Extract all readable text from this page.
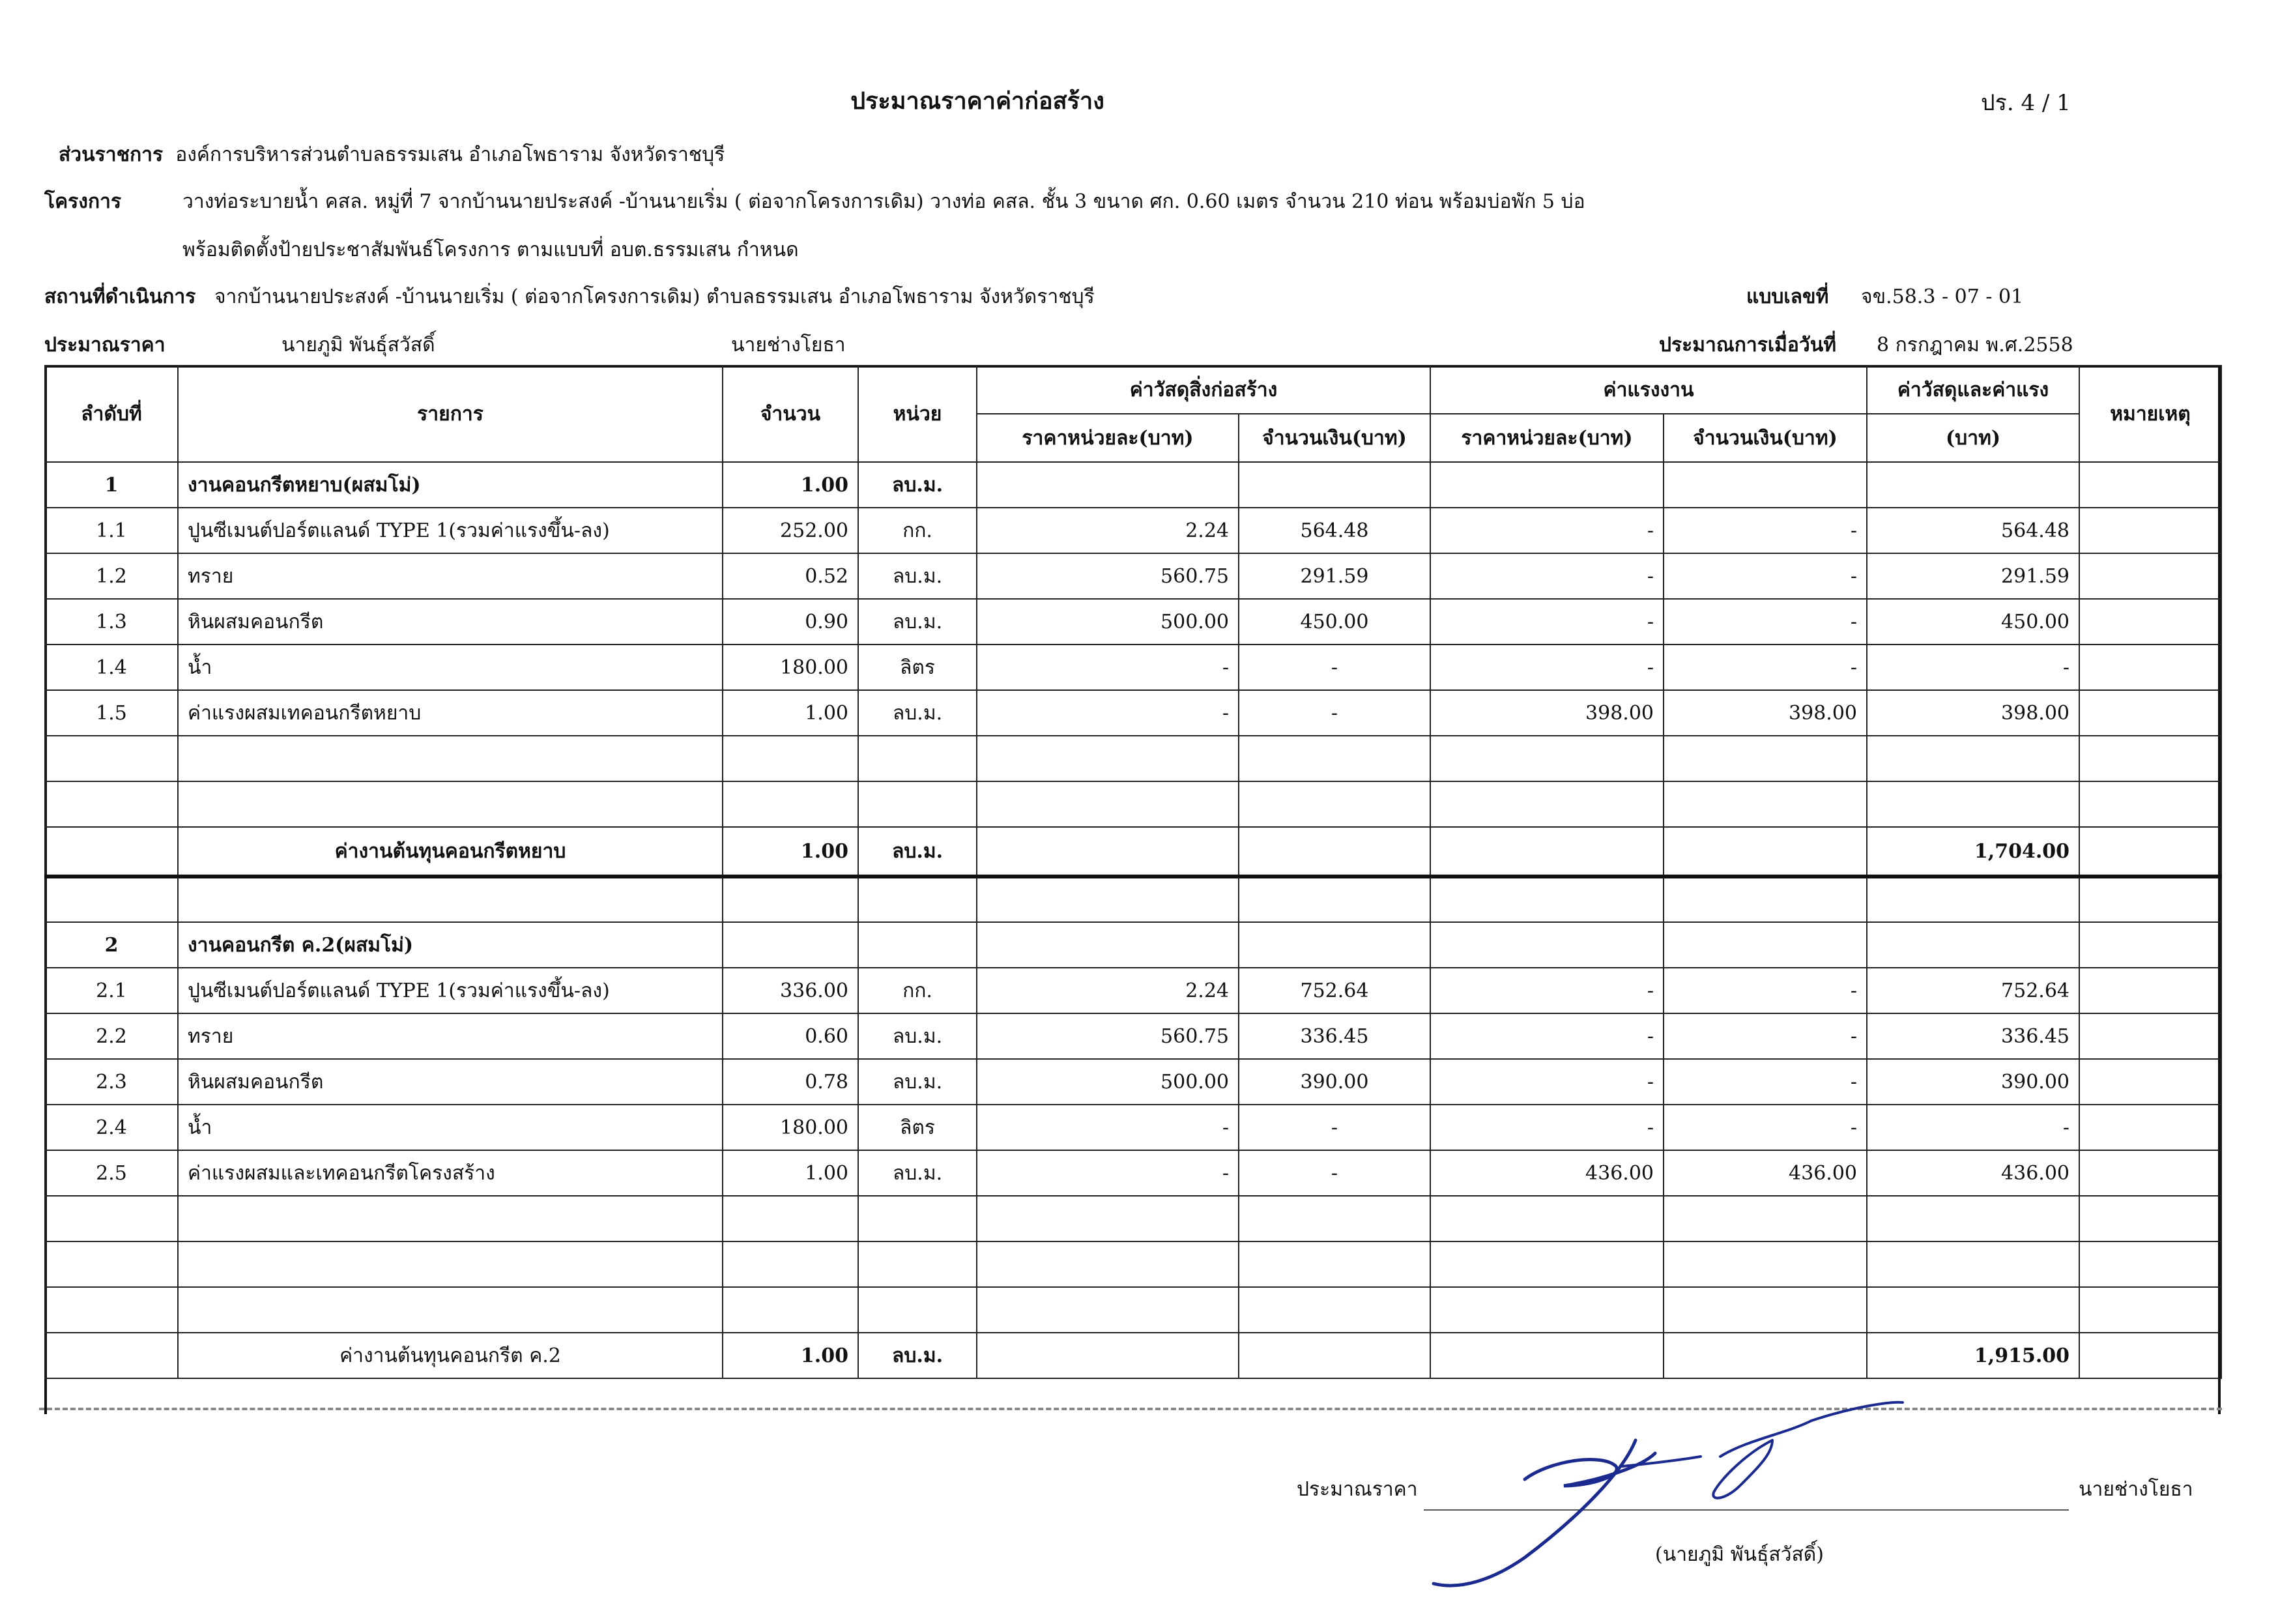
ประมาณราคาค่าก่อสร้าง	ปร. 4 / 1
ส่วนราชการ องค์การบริหารส่วนตำบลธรรมเสน อำเภอโพธาราม จังหวัดราชบุรี
โครงการ	วางท่อระบายน้ำ คสล. หมู่ที่ 7 จากบ้านนายประสงค์ -บ้านนายเริ่ม ( ต่อจากโครงการเดิม) วางท่อ คสล. ชั้น 3 ขนาด ศก. 0.60 เมตร จำนวน 210 ท่อน พร้อมบ่อพัก 5 บ่อ
พร้อมติดตั้งป้ายประชาสัมพันธ์โครงการ ตามแบบที่ อบต.ธรรมเสน กำหนด
สถานที่ดำเนินการ จากบ้านนายประสงค์ -บ้านนายเริ่ม ( ต่อจากโครงการเดิม) ตำบลธรรมเสน อำเภอโพธาราม จังหวัดราชบุรี	แบบเลขที่ จข.58.3 - 07 - 01
ประมาณราคา	นายภูมิ พันธุ์สวัสดิ์	นายช่างโยธา	ประมาณการเมื่อวันที่ 8 กรกฎาคม พ.ศ.2558
ลำดับที่	รายการ	จำนวน	หน่วย	ค่าวัสดุสิ่งก่อสร้าง		ค่าแรงงาน		ค่าวัสดุและค่าแรง	หมายเหตุ
				ราคาหน่วยละ(บาท)	จำนวนเงิน(บาท)	ราคาหน่วยละ(บาท)	จำนวนเงิน(บาท)	(บาท)	
1	งานคอนกรีตหยาบ(ผสมโม่)	1.00	ลบ.ม.						
1.1	ปูนซีเมนต์ปอร์ตแลนด์ TYPE 1(รวมค่าแรงขึ้น-ลง)	252.00	กก.	2.24	564.48	-	-	564.48	
1.2	ทราย	0.52	ลบ.ม.	560.75	291.59	-	-	291.59	
1.3	หินผสมคอนกรีต	0.90	ลบ.ม.	500.00	450.00	-	-	450.00	
1.4	น้ำ	180.00	ลิตร	-	-	-	-	-	
1.5	ค่าแรงผสมเทคอนกรีตหยาบ	1.00	ลบ.ม.	-	-	398.00	398.00	398.00	

	ค่างานต้นทุนคอนกรีตหยาบ	1.00	ลบ.ม.					1,704.00	

2	งานคอนกรีต ค.2(ผสมโม่)								
2.1	ปูนซีเมนต์ปอร์ตแลนด์ TYPE 1(รวมค่าแรงขึ้น-ลง)	336.00	กก.	2.24	752.64	-	-	752.64	
2.2	ทราย	0.60	ลบ.ม.	560.75	336.45	-	-	336.45	
2.3	หินผสมคอนกรีต	0.78	ลบ.ม.	500.00	390.00	-	-	390.00	
2.4	น้ำ	180.00	ลิตร	-	-	-	-	-	
2.5	ค่าแรงผสมและเทคอนกรีตโครงสร้าง	1.00	ลบ.ม.	-	-	436.00	436.00	436.00	

	ค่างานต้นทุนคอนกรีต ค.2	1.00	ลบ.ม.					1,915.00	
ประมาณราคา	นายช่างโยธา
(นายภูมิ พันธุ์สวัสดิ์)
